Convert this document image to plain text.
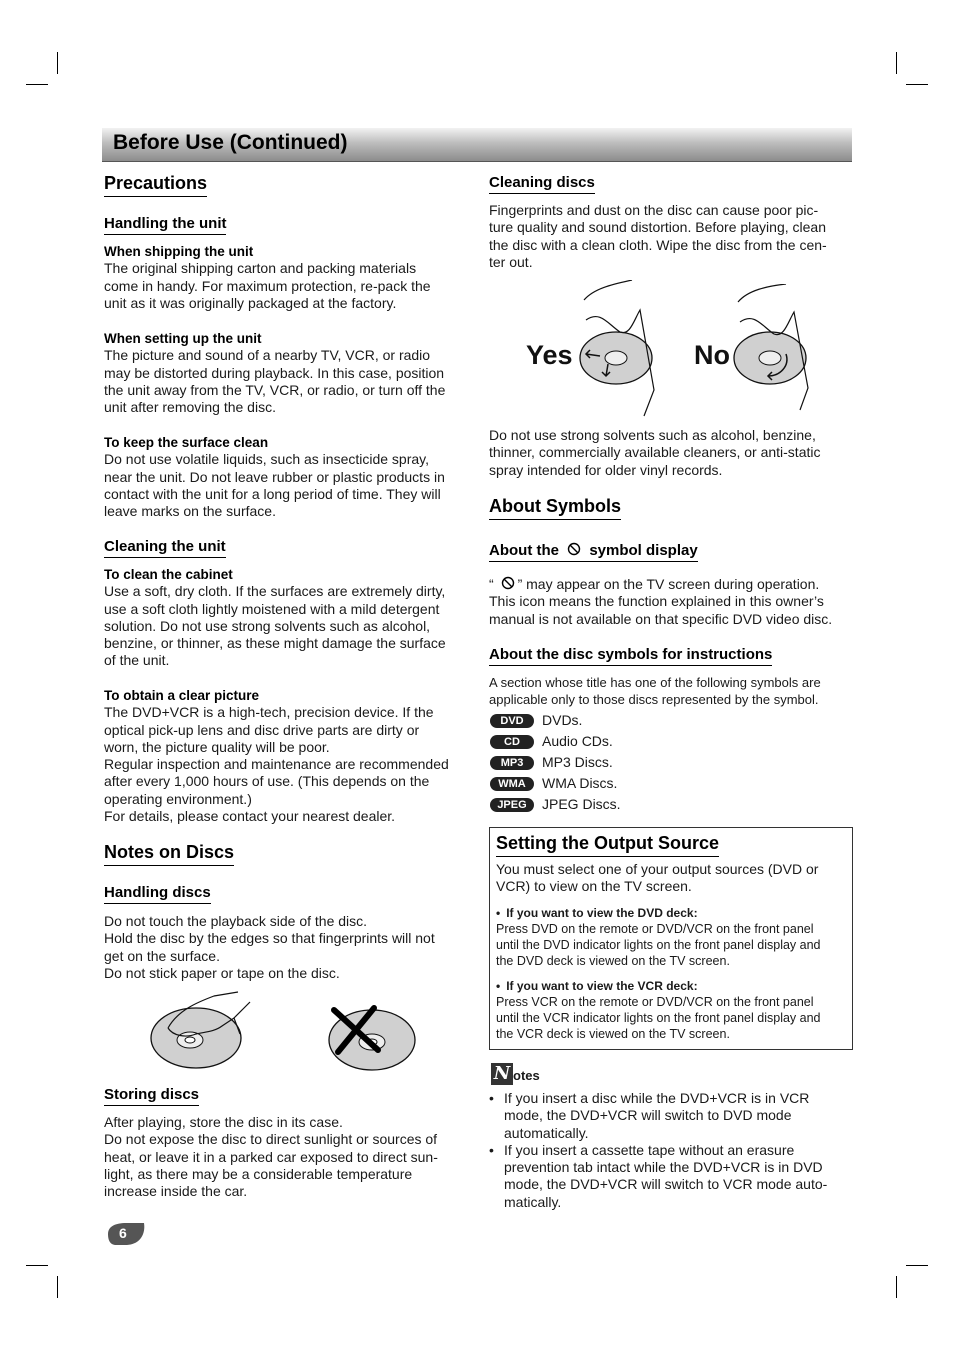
Before Use (Continued)
Precautions
Handling the unit
When shipping the unit

The original shipping carton and packing materials

come in handy. For maximum protection, re-pack the

unit as it was originally packaged at the factory.

When setting up the unit

The picture and sound of a nearby TV, VCR, or radio

may be distorted during playback. In this case, position

the unit away from the TV, VCR, or radio, or turn off the

unit after removing the disc.

To keep the surface clean

Do not use volatile liquids, such as insecticide spray,

near the unit. Do not leave rubber or plastic products in

contact with the unit for a long period of time. They will

leave marks on the surface.

Cleaning the unit
To clean the cabinet

Use a soft, dry cloth. If the surfaces are extremely dirty,

use a soft cloth lightly moistened with a mild detergent

solution. Do not use strong solvents such as alcohol,

benzine, or thinner, as these might damage the surface

of the unit.

To obtain a clear picture

The DVD+VCR is a high-tech, precision device. If the

optical pick-up lens and disc drive parts are dirty or

worn, the picture quality will be poor.

Regular inspection and maintenance are recommended

after every 1,000 hours of use. (This depends on the

operating environment.)

For details, please contact your nearest dealer.

Notes on Discs
Handling discs

Do not touch the playback side of the disc.

Hold the disc by the edges so that fingerprints will not

get on the surface.

Do not stick paper or tape on the disc.

Storing discs

After playing, store the disc in its case.

Do not expose the disc to direct sunlight or sources of

heat, or leave it in a parked car exposed to direct sun-

light, as there may be a considerable temperature

increase inside the car.

6
Cleaning discs

Fingerprints and dust on the disc can cause poor pic-

ture quality and sound distortion. Before playing, clean

the disc with a clean cloth. Wipe the disc from the cen-

ter out.

Yes	No

Do not use strong solvents such as alcohol, benzine,

thinner, commercially available cleaners, or anti-static

spray intended for older vinyl records.

About Symbols
About the symbol display

“ ” may appear on the TV screen during operation.

This icon means the function explained in this owner’s

manual is not available on that specific DVD video disc.

About the disc symbols for instructions

A section whose title has one of the following symbols are

applicable only to those discs represented by the symbol.

DVD DVDs.
CD Audio CDs.
MP3 MP3 Discs.
WMA WMA Discs.
JPEG JPEG Discs.
Setting the Output Source

You must select one of your output sources (DVD or

VCR) to view on the TV screen.

• If you want to view the DVD deck:

Press DVD on the remote or DVD/VCR on the front panel

until the DVD indicator lights on the front panel display and

the DVD deck is viewed on the TV screen.

• If you want to view the VCR deck:

Press VCR on the remote or DVD/VCR on the front panel

until the VCR indicator lights on the front panel display and

the VCR deck is viewed on the TV screen.

N otes
• If you insert a disc while the DVD+VCR is in VCR

mode, the DVD+VCR will switch to DVD mode

automatically.

• If you insert a cassette tape without an erasure

prevention tab intact while the DVD+VCR is in DVD

mode, the DVD+VCR will switch to VCR mode auto-

matically.
